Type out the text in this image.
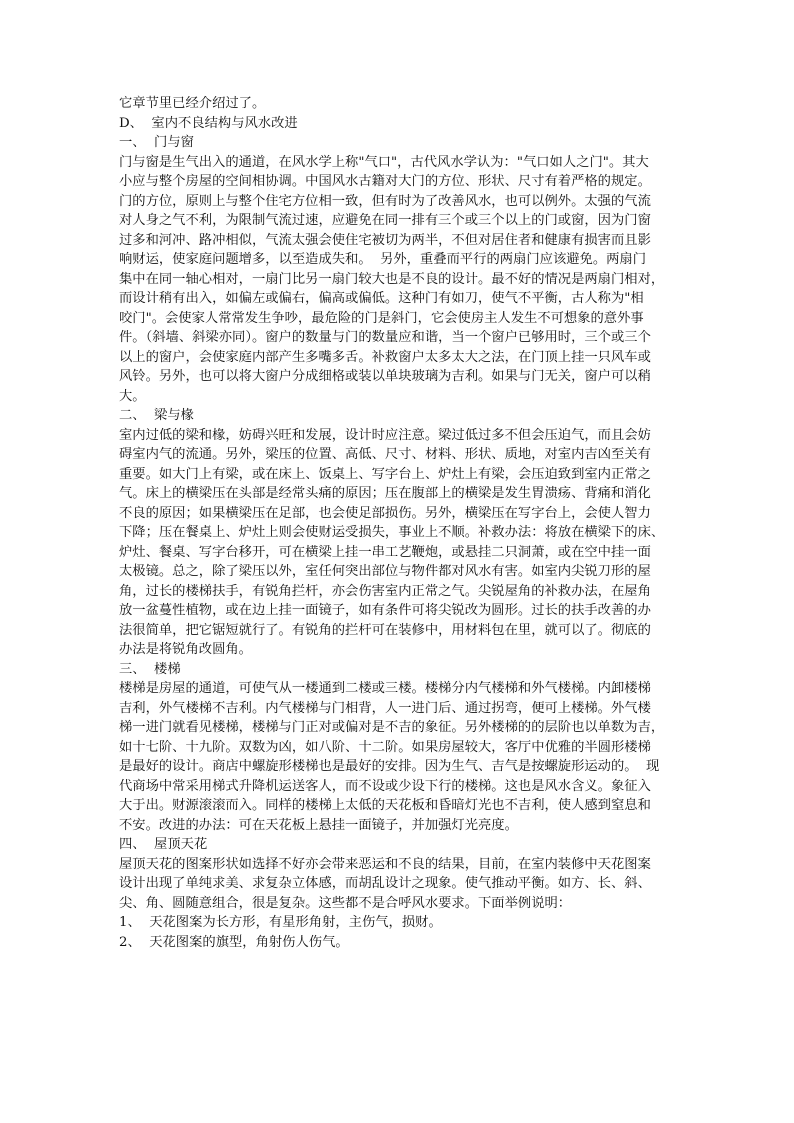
它章节里已经介绍过了。
D、  室内不良结构与风水改进
一、  门与窗
门与窗是生气出入的通道，在风水学上称"气口"，古代风水学认为："气口如人之门"。其大
小应与整个房屋的空间相协调。中国风水古籍对大门的方位、形状、尺寸有着严格的规定。
门的方位，原则上与整个住宅方位相一致，但有时为了改善风水，也可以例外。太强的气流
对人身之气不利，为限制气流过速，应避免在同一排有三个或三个以上的门或窗，因为门窗
过多和河冲、路冲相似，气流太强会使住宅被切为两半，不但对居住者和健康有损害而且影
响财运，使家庭问题增多，以至造成失和。  另外，重叠而平行的两扇门应该避免。两扇门
集中在同一轴心相对，一扇门比另一扇门较大也是不良的设计。最不好的情况是两扇门相对，
而设计稍有出入，如偏左或偏右，偏高或偏低。这种门有如刀，使气不平衡，古人称为"相
咬门"。会使家人常常发生争吵，最危险的门是斜门，它会使房主人发生不可想象的意外事
件。（斜墙、斜梁亦同）。窗户的数量与门的数量应和谐，当一个窗户已够用时，三个或三个
以上的窗户，会使家庭内部产生多嘴多舌。补救窗户太多太大之法，在门顶上挂一只风车或
风铃。另外，也可以将大窗户分成细格或装以单块玻璃为吉利。如果与门无关，窗户可以稍
大。
二、  梁与椽
室内过低的梁和椽，妨碍兴旺和发展，设计时应注意。梁过低过多不但会压迫气，而且会妨
碍室内气的流通。另外，梁压的位置、高低、尺寸、材料、形状、质地，对室内吉凶至关有
重要。如大门上有梁，或在床上、饭桌上、写字台上、炉灶上有梁，会压迫致到室内正常之
气。床上的横梁压在头部是经常头痛的原因；压在腹部上的横梁是发生胃溃疡、背痛和消化
不良的原因；如果横梁压在足部，也会使足部损伤。另外，横梁压在写字台上，会使人智力
下降；压在餐桌上、炉灶上则会使财运受损失，事业上不顺。补救办法：将放在横梁下的床、
炉灶、餐桌、写字台移开，可在横梁上挂一串工艺鞭炮，或悬挂二只洞萧，或在空中挂一面
太极镜。总之，除了梁压以外，室任何突出部位与物件都对风水有害。如室内尖锐刀形的屋
角，过长的楼梯扶手，有锐角拦杆，亦会伤害室内正常之气。尖锐屋角的补救办法，在屋角
放一盆蔓性植物，或在边上挂一面镜子，如有条件可将尖锐改为圆形。过长的扶手改善的办
法很简单，把它锯短就行了。有锐角的拦杆可在装修中，用材料包在里，就可以了。彻底的
办法是将锐角改圆角。
三、  楼梯
楼梯是房屋的通道，可使气从一楼通到二楼或三楼。楼梯分内气楼梯和外气楼梯。内卸楼梯
吉利，外气楼梯不吉利。内气楼梯与门相背，人一进门后、通过拐弯，便可上楼梯。外气楼
梯一进门就看见楼梯，楼梯与门正对或偏对是不吉的象征。另外楼梯的的层阶也以单数为吉，
如十七阶、十九阶。双数为凶，如八阶、十二阶。如果房屋较大，客厅中优雅的半圆形楼梯
是最好的设计。商店中螺旋形楼梯也是最好的安排。因为生气、吉气是按螺旋形运动的。  现
代商场中常采用梯式升降机运送客人，而不设或少设下行的楼梯。这也是风水含义。象征入
大于出。财源滚滚而入。同样的楼梯上太低的天花板和昏暗灯光也不吉利，使人感到窒息和
不安。改进的办法：可在天花板上悬挂一面镜子，并加强灯光亮度。
四、  屋顶天花
屋顶天花的图案形状如选择不好亦会带来恶运和不良的结果，目前，在室内装修中天花图案
设计出现了单纯求美、求复杂立体感，而胡乱设计之现象。使气推动平衡。如方、长、斜、
尖、角、圆随意组合，很是复杂。这些都不是合呼风水要求。下面举例说明：
1、  天花图案为长方形，有星形角射，主伤气，损财。
2、  天花图案的旗型，角射伤人伤气。
